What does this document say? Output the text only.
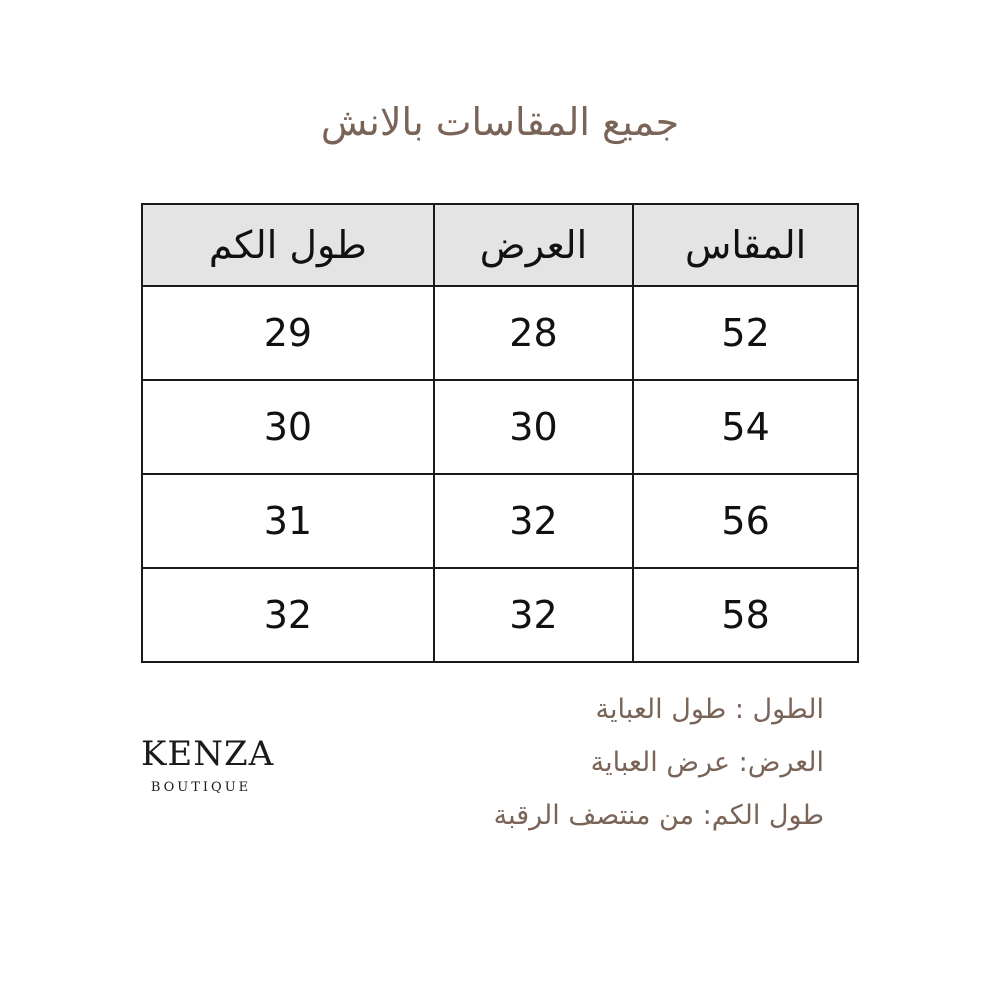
جميع المقاسات بالانش
المقاس	العرض	طول الكم
52	28	29
54	30	30
56	32	31
58	32	32
الطول : طول العباية
العرض: عرض العباية
طول الكم: من منتصف الرقبة
KENZA
BOUTIQUE
